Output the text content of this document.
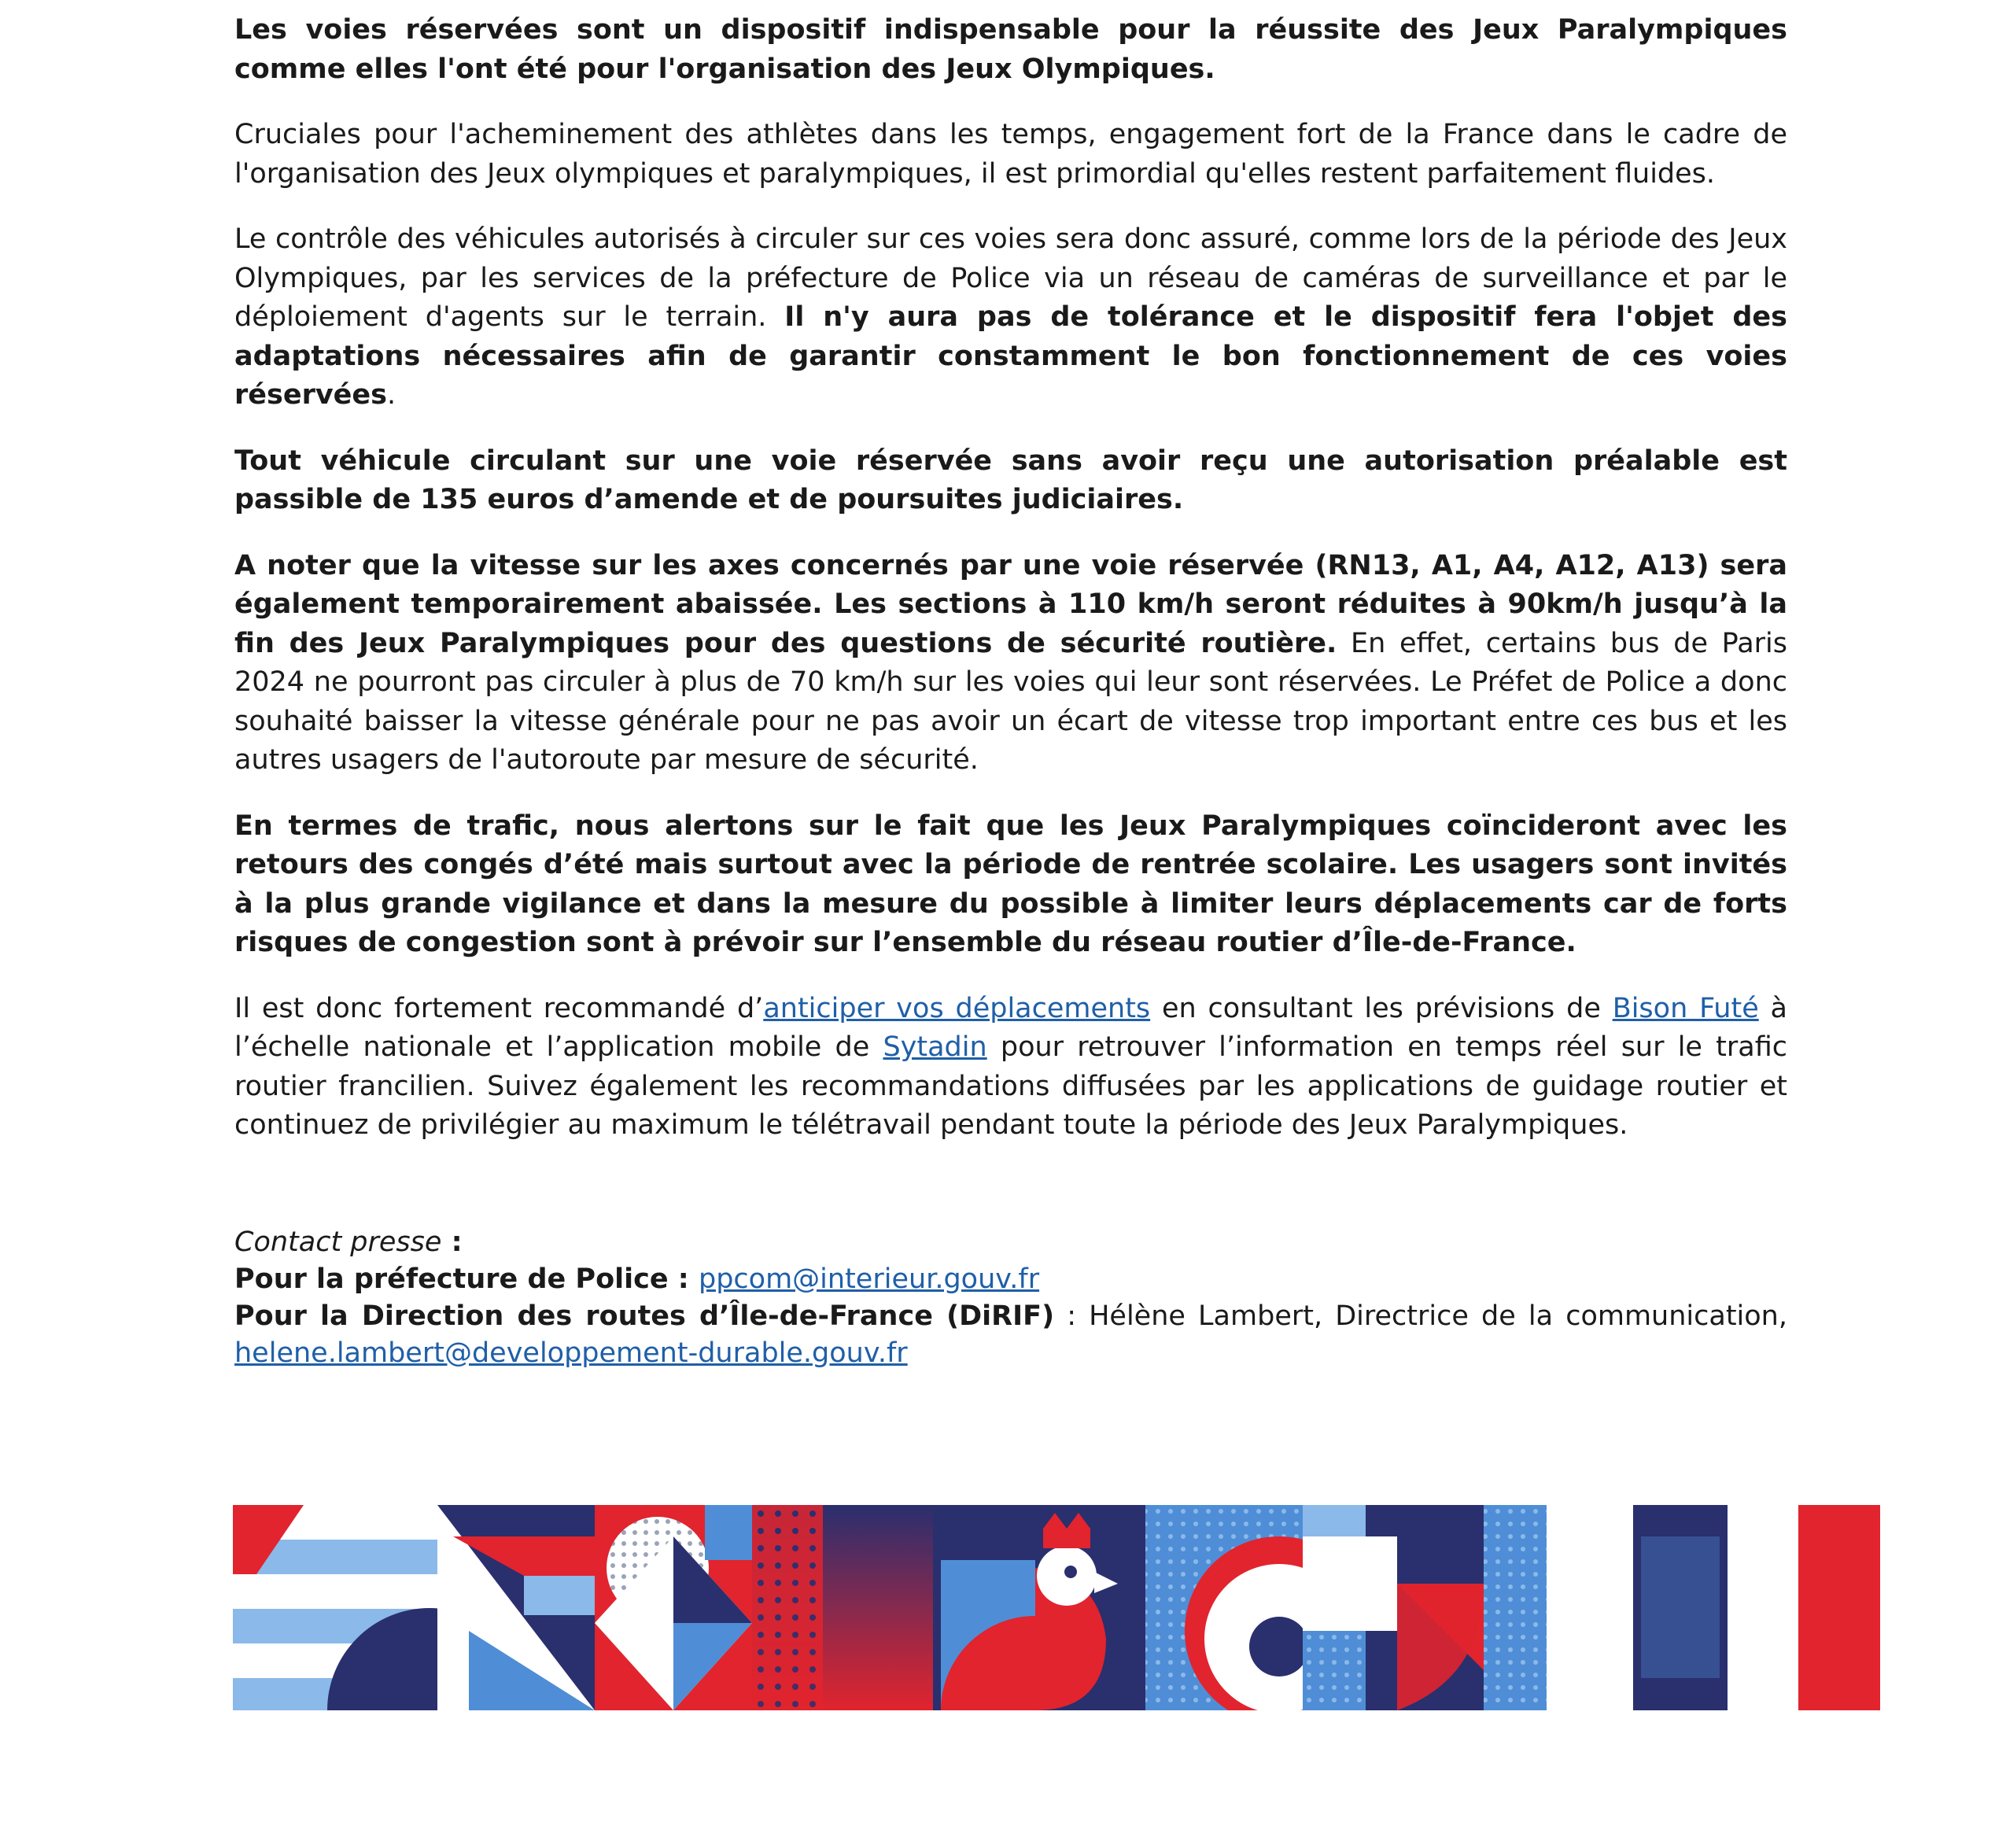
Les voies réservées sont un dispositif indispensable pour la réussite des Jeux Paralympiques comme elles l'ont été pour l'organisation des Jeux Olympiques.

Cruciales pour l'acheminement des athlètes dans les temps, engagement fort de la France dans le cadre de l'organisation des Jeux olympiques et paralympiques, il est primordial qu'elles restent parfaitement fluides.

Le contrôle des véhicules autorisés à circuler sur ces voies sera donc assuré, comme lors de la période des Jeux Olympiques, par les services de la préfecture de Police via un réseau de caméras de surveillance et par le déploiement d'agents sur le terrain. Il n'y aura pas de tolérance et le dispositif fera l'objet des adaptations nécessaires afin de garantir constamment le bon fonctionnement de ces voies réservées.

Tout véhicule circulant sur une voie réservée sans avoir reçu une autorisation préalable est passible de 135 euros d’amende et de poursuites judiciaires.

A noter que la vitesse sur les axes concernés par une voie réservée (RN13, A1, A4, A12, A13) sera également temporairement abaissée. Les sections à 110 km/h seront réduites à 90km/h jusqu’à la fin des Jeux Paralympiques pour des questions de sécurité routière. En effet, certains bus de Paris 2024 ne pourront pas circuler à plus de 70 km/h sur les voies qui leur sont réservées. Le Préfet de Police a donc souhaité baisser la vitesse générale pour ne pas avoir un écart de vitesse trop important entre ces bus et les autres usagers de l'autoroute par mesure de sécurité.

En termes de trafic, nous alertons sur le fait que les Jeux Paralympiques coïncideront avec les retours des congés d’été mais surtout avec la période de rentrée scolaire. Les usagers sont invités à la plus grande vigilance et dans la mesure du possible à limiter leurs déplacements car de forts risques de congestion sont à prévoir sur l’ensemble du réseau routier d’Île-de-France.

Il est donc fortement recommandé d’anticiper vos déplacements en consultant les prévisions de Bison Futé à l’échelle nationale et l’application mobile de Sytadin pour retrouver l’information en temps réel sur le trafic routier francilien. Suivez également les recommandations diffusées par les applications de guidage routier et continuez de privilégier au maximum le télétravail pendant toute la période des Jeux Paralympiques.

Contact presse :

Pour la préfecture de Police : ppcom@interieur.gouv.fr

Pour la Direction des routes d’Île-de-France (DiRIF) : Hélène Lambert, Directrice de la communication, helene.lambert@developpement-durable.gouv.fr
